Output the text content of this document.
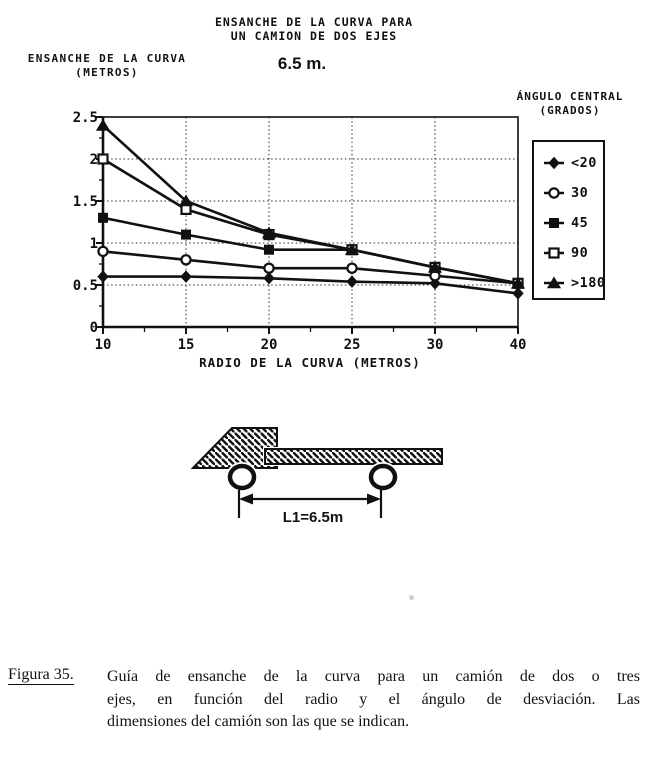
ENSANCHE DE LA CURVA PARA
UN CAMION DE DOS EJES
6.5 m.
ENSANCHE DE LA CURVA
(METROS)
ÁNGULO CENTRAL
(GRADOS)
0
0.5
1
1.5
2
2.5
10	15	20	25	30	40
RADIO DE LA CURVA (METROS)
<20
30
45
90
>180
L1=6.5m
Figura 35. Guía de ensanche de la curva para un camión de dos o tres
ejes, en función del radio y el ángulo de desviación. Las
dimensiones del camión son las que se indican.
